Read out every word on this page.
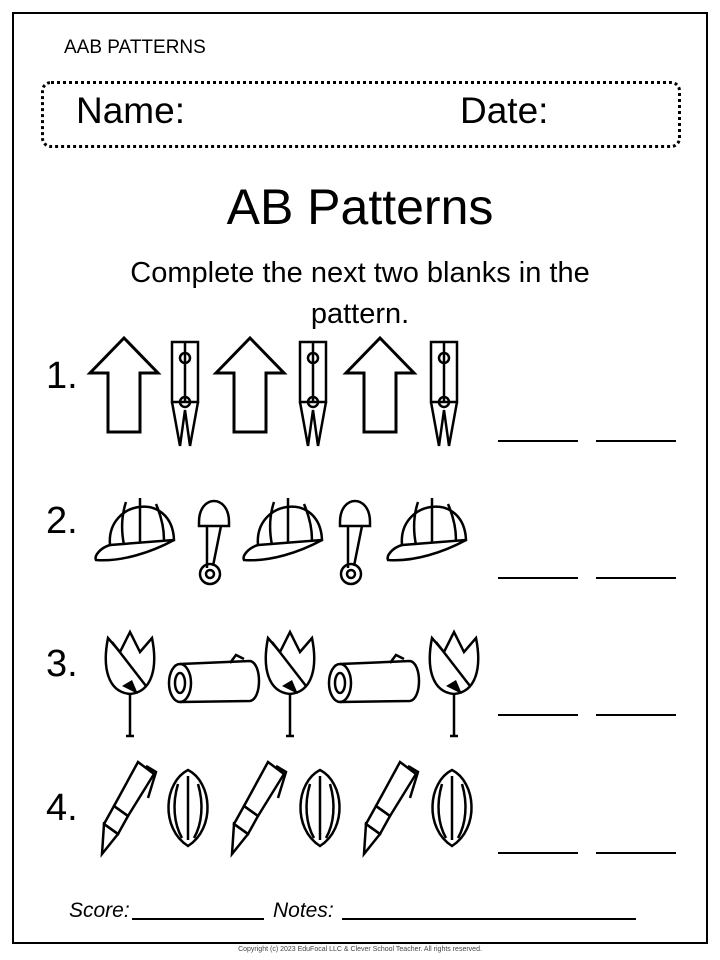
AAB PATTERNS
Name:	Date:
AB Patterns
Complete the next two blanks in the pattern.
1.
2.
3.
4.
Score:	Notes:
Copyright (c) 2023 EduFocal LLC & Clever School Teacher. All rights reserved.
